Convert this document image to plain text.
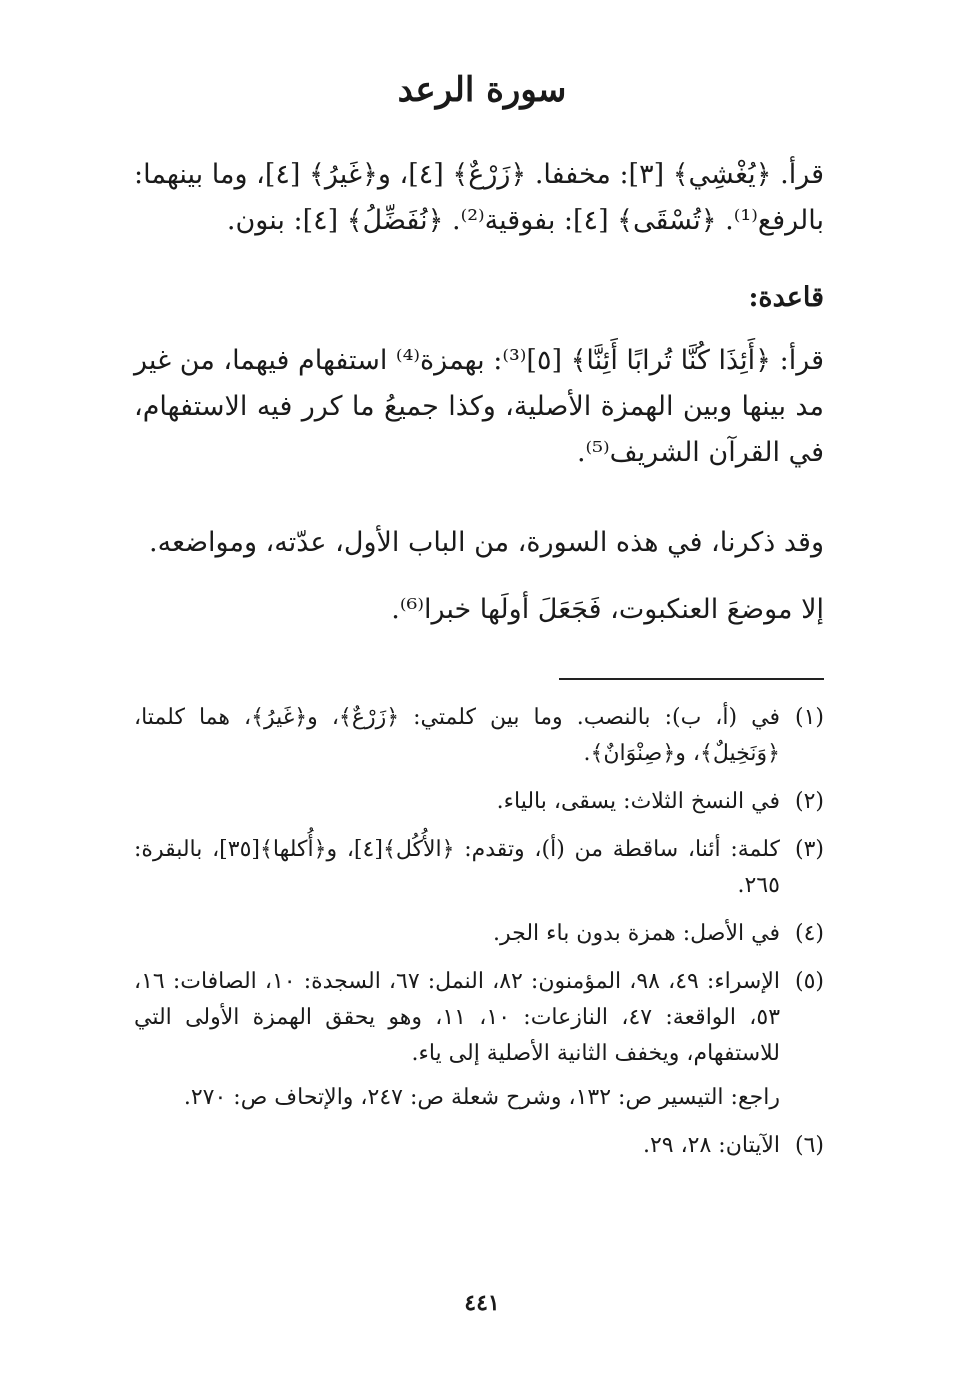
سورة الرعد
قرأ. ﴿يُغْشِي﴾ [٣]: مخففا. ﴿زَرْعٌ﴾ [٤]، و﴿غَيرُ﴾ [٤]، وما بينهما: بالرفع⁽¹⁾. ﴿تُسْقَى﴾ [٤]: بفوقية⁽²⁾. ﴿نُفَضِّلُ﴾ [٤]: بنون.
قاعدة:
قرأ: ﴿أَئِذَا كُنَّا تُرابًا أَئِنَّا﴾ [٥]⁽³⁾: بهمزة⁽⁴⁾ استفهام فيهما، من غير مد بينها وبين الهمزة الأصلية، وكذا جميعُ ما كرر فيه الاستفهام، في القرآن الشريف⁽⁵⁾.
وقد ذكرنا، في هذه السورة، من الباب الأول، عدّته، ومواضعه.
إلا موضعَ العنكبوت، فَجَعَلَ أولَها خبرا⁽⁶⁾.
(١)
في (أ، ب): بالنصب. وما بين كلمتي: ﴿زَرْعٌ﴾، و﴿غَيرُ﴾، هما كلمتا، ﴿وَنَخِيلٌ﴾، و﴿صِنْوَانٌ﴾.
(٢)
في النسخ الثلاث: يسقى، بالياء.
(٣)
كلمة: أئنا، ساقطة من (أ)، وتقدم: ﴿الأُكُل﴾[٤]، و﴿أُكلها﴾[٣٥]، بالبقرة: ٢٦٥.
(٤)
في الأصل: همزة بدون باء الجر.
(٥)
الإسراء: ٤٩، ٩٨، المؤمنون: ٨٢، النمل: ٦٧، السجدة: ١٠، الصافات: ١٦، ٥٣، الواقعة: ٤٧، النازعات: ١٠، ١١، وهو يحقق الهمزة الأولى التي للاستفهام، ويخفف الثانية الأصلية إلى ياء.
راجع: التيسير ص: ١٣٢، وشرح شعلة ص: ٢٤٧، والإتحاف ص: ٢٧٠.
(٦)
الآيتان: ٢٨، ٢٩.
٤٤١
